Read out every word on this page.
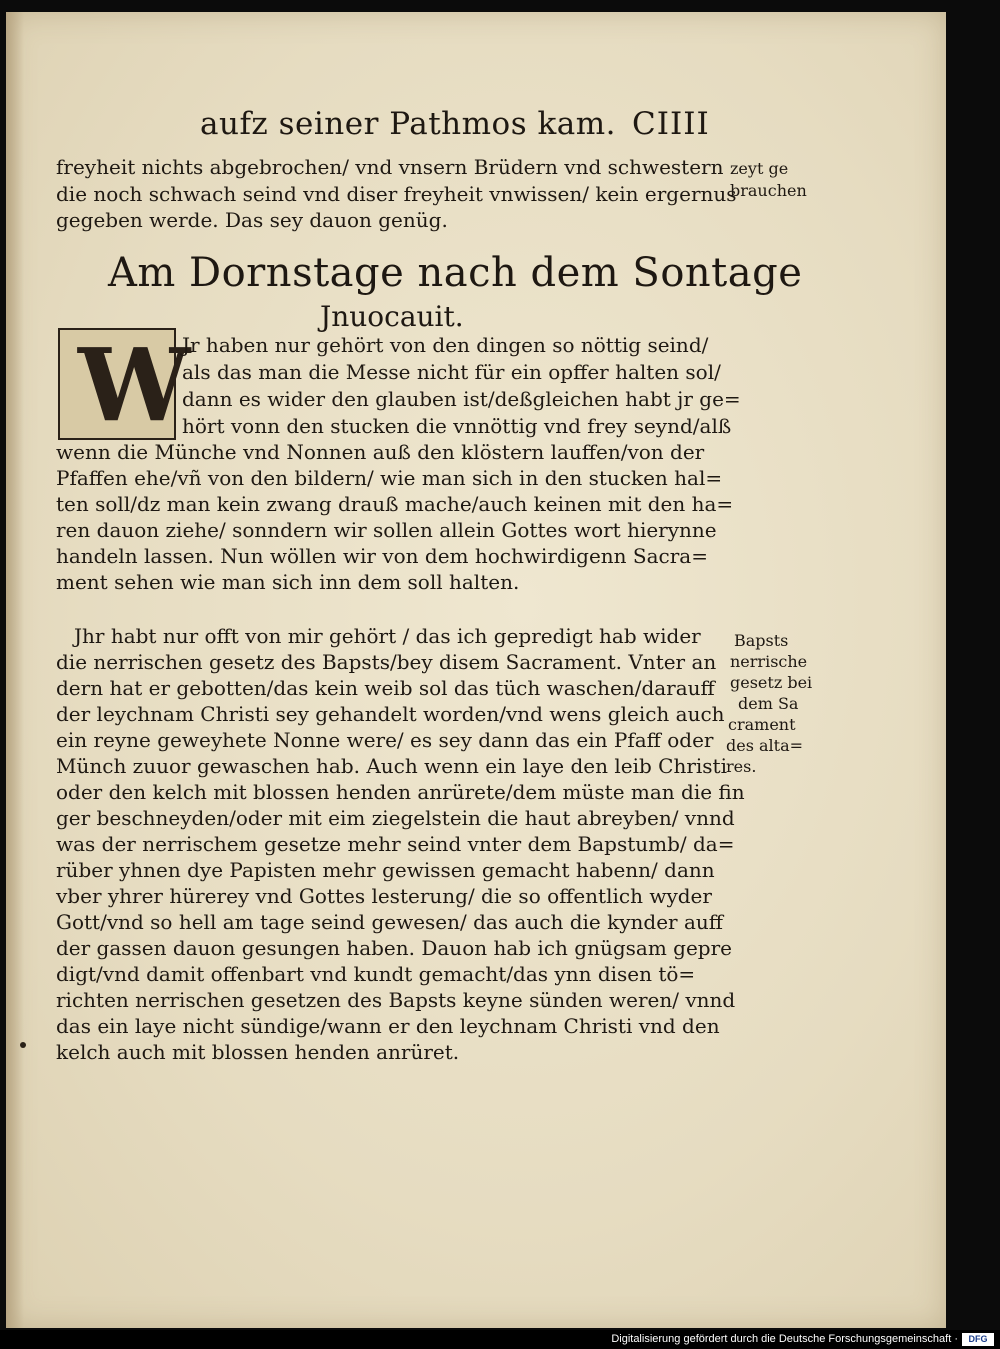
aufz seiner Pathmos kam. CIIII
freyheit nichts abgebrochen/ vnd vnsern Brüdern vnd schwestern
die noch schwach seind vnd diser freyheit vnwissen/ kein ergernus
gegeben werde. Das sey dauon genüg.
zeyt ge
brauchen
Am Dornstage nach dem Sontage
Jnuocauit.
W
Jr haben nur gehört von den dingen so nöttig seind/
als das man die Messe nicht für ein opffer halten sol/
dann es wider den glauben ist/deßgleichen habt jr ge=
hört vonn den stucken die vnnöttig vnd frey seynd/alß
wenn die Münche vnd Nonnen auß den klöstern lauffen/von der
Pfaffen ehe/vñ von den bildern/ wie man sich in den stucken hal=
ten soll/dz man kein zwang drauß mache/auch keinen mit den ha=
ren dauon ziehe/ sonndern wir sollen allein Gottes wort hierynne
handeln lassen. Nun wöllen wir von dem hochwirdigenn Sacra=
ment sehen wie man sich inn dem soll halten.
Jhr habt nur offt von mir gehört / das ich gepredigt hab wider
die nerrischen gesetz des Bapsts/bey disem Sacrament. Vnter an
dern hat er gebotten/das kein weib sol das tüch waschen/darauff
der leychnam Christi sey gehandelt worden/vnd wens gleich auch
ein reyne geweyhete Nonne were/ es sey dann das ein Pfaff oder
Münch zuuor gewaschen hab. Auch wenn ein laye den leib Christi
oder den kelch mit blossen henden anrürete/dem müste man die fin
ger beschneyden/oder mit eim ziegelstein die haut abreyben/ vnnd
was der nerrischem gesetze mehr seind vnter dem Bapstumb/ da=
rüber yhnen dye Papisten mehr gewissen gemacht habenn/ dann
vber yhrer hürerey vnd Gottes lesterung/ die so offentlich wyder
Gott/vnd so hell am tage seind gewesen/ das auch die kynder auff
der gassen dauon gesungen haben. Dauon hab ich gnügsam gepre
digt/vnd damit offenbart vnd kundt gemacht/das ynn disen tö=
richten nerrischen gesetzen des Bapsts keyne sünden weren/ vnnd
das ein laye nicht sündige/wann er den leychnam Christi vnd den
kelch auch mit blossen henden anrüret.
Bapsts
nerrische
gesetz bei
dem Sa
crament
des alta=
res.
Digitalisierung gefördert durch die Deutsche Forschungsgemeinschaft ·	DFG
